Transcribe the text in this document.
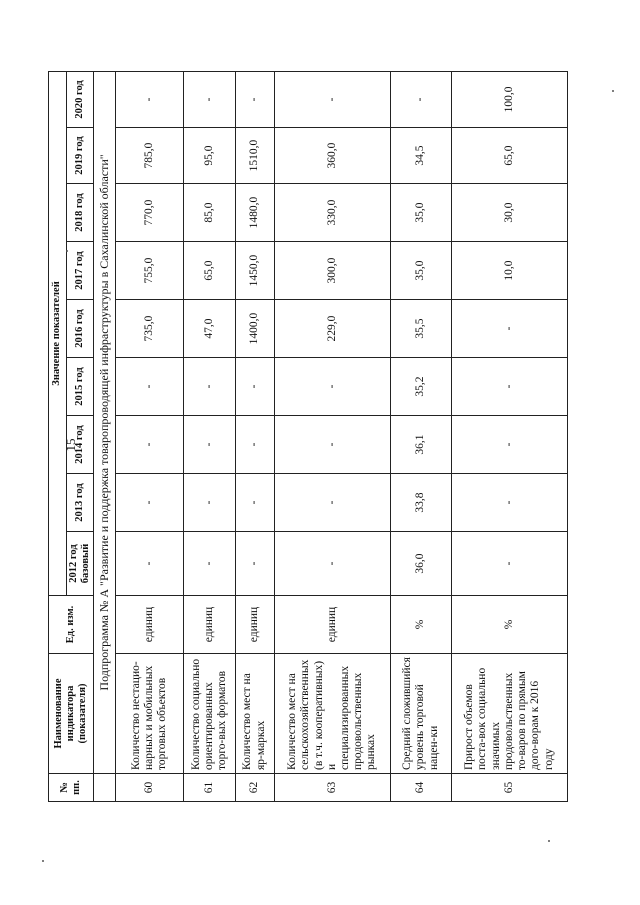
15
№ пп.	Наименование индикатора (показателя)	Ед. изм.	Значение показателей								
			2012 год базовый	2013 год	2014 год	2015 год	2016 год	2017 год	2018 год	2019 год	2020 год
	Подпрограмма № А "Развитие и поддержка товаропроводящей инфраструктуры в Сахалинской области"										
60	Количество нестацио-нарных и мобильных торговых объектов	единиц	-	-	-	-	735,0	755,0	770,0	785,0	-
61	Количество социально ориентированных торго-вых форматов	единиц	-	-	-	-	47,0	65,0	85,0	95,0	-
62	Количество мест на яр-марках	единиц	-	-	-	-	1400,0	1450,0	1480,0	1510,0	-
63	Количество мест на сельскохозяйственных (в т.ч. кооперативных) и специализированных продовольственных рынках	единиц	-	-	-	-	229,0	300,0	330,0	360,0	-
64	Средний сложившийся уровень торговой нацен-ки	%	36,0	33,8	36,1	35,2	35,5	35,0	35,0	34,5	-
65	Прирост объемов поста-вок социально значимых продовольственных то-варов по прямым дого-ворам к 2016 году	%	-	-	-	-	-	10,0	30,0	65,0	100,0
